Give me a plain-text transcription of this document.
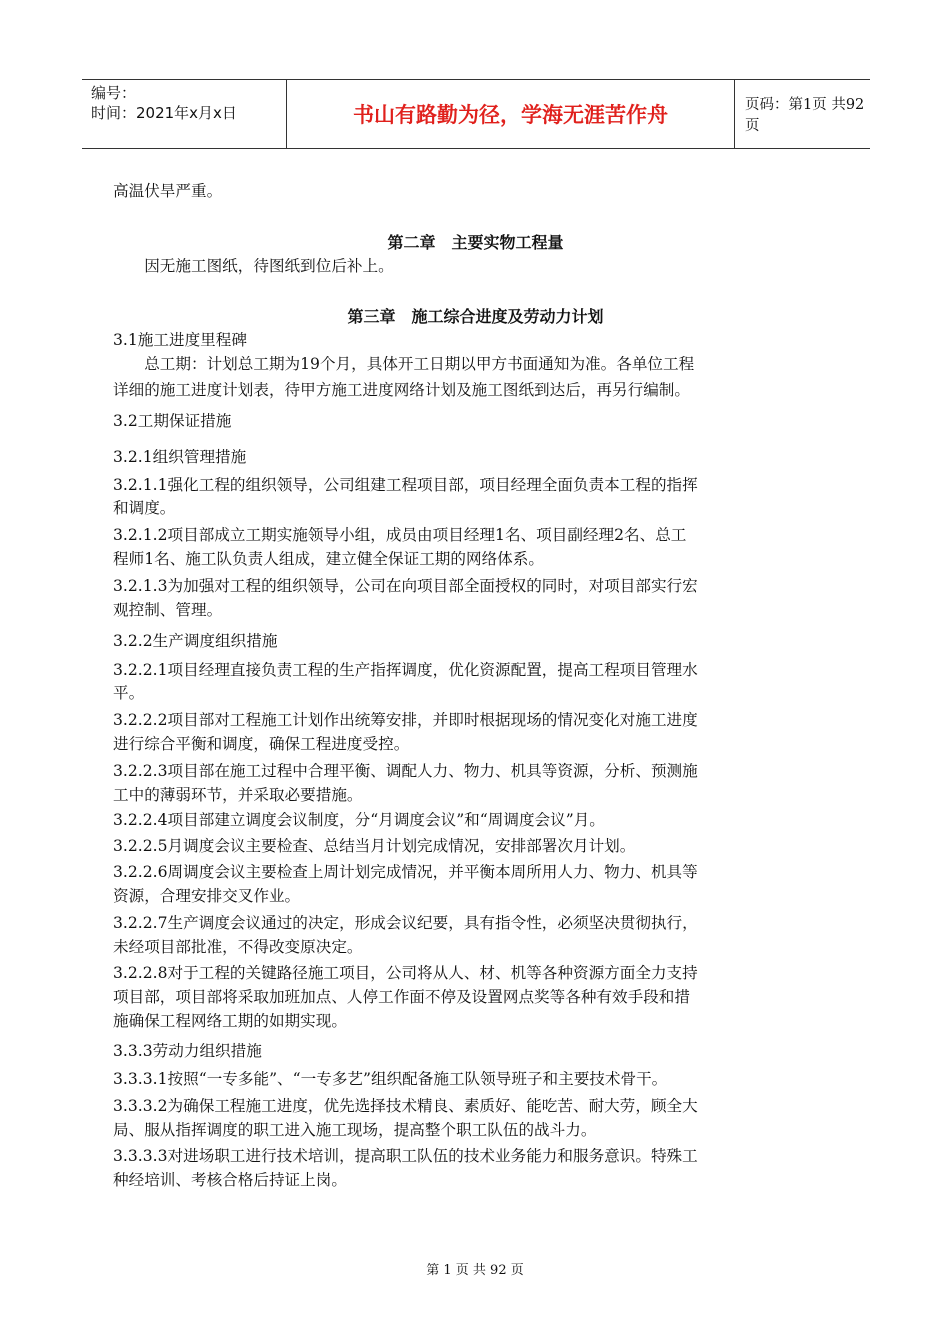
编号：
时间：2021年x月x日	书山有路勤为径，学海无涯苦作舟	页码：第1页 共92页
高温伏旱严重。
第二章　主要实物工程量
　　因无施工图纸，待图纸到位后补上。
第三章　施工综合进度及劳动力计划
3.1施工进度里程碑
　　总工期：计划总工期为19个月，具体开工日期以甲方书面通知为准。各单位工程
详细的施工进度计划表，待甲方施工进度网络计划及施工图纸到达后，再另行编制。
3.2工期保证措施
3.2.1组织管理措施
3.2.1.1强化工程的组织领导，公司组建工程项目部，项目经理全面负责本工程的指挥
和调度。
3.2.1.2项目部成立工期实施领导小组，成员由项目经理1名、项目副经理2名、总工
程师1名、施工队负责人组成，建立健全保证工期的网络体系。
3.2.1.3为加强对工程的组织领导，公司在向项目部全面授权的同时，对项目部实行宏
观控制、管理。
3.2.2生产调度组织措施
3.2.2.1项目经理直接负责工程的生产指挥调度，优化资源配置，提高工程项目管理水
平。
3.2.2.2项目部对工程施工计划作出统筹安排，并即时根据现场的情况变化对施工进度
进行综合平衡和调度，确保工程进度受控。
3.2.2.3项目部在施工过程中合理平衡、调配人力、物力、机具等资源，分析、预测施
工中的薄弱环节，并采取必要措施。
3.2.2.4项目部建立调度会议制度，分“月调度会议”和“周调度会议”月。
3.2.2.5月调度会议主要检查、总结当月计划完成情况，安排部署次月计划。
3.2.2.6周调度会议主要检查上周计划完成情况，并平衡本周所用人力、物力、机具等
资源，合理安排交叉作业。
3.2.2.7生产调度会议通过的决定，形成会议纪要，具有指令性，必须坚决贯彻执行，
未经项目部批准，不得改变原决定。
3.2.2.8对于工程的关键路径施工项目，公司将从人、材、机等各种资源方面全力支持
项目部，项目部将采取加班加点、人停工作面不停及设置网点奖等各种有效手段和措
施确保工程网络工期的如期实现。
3.3.3劳动力组织措施
3.3.3.1按照“一专多能”、“一专多艺”组织配备施工队领导班子和主要技术骨干。
3.3.3.2为确保工程施工进度，优先选择技术精良、素质好、能吃苦、耐大劳，顾全大
局、服从指挥调度的职工进入施工现场，提高整个职工队伍的战斗力。
3.3.3.3对进场职工进行技术培训，提高职工队伍的技术业务能力和服务意识。特殊工
种经培训、考核合格后持证上岗。
第 1 页 共 92 页
